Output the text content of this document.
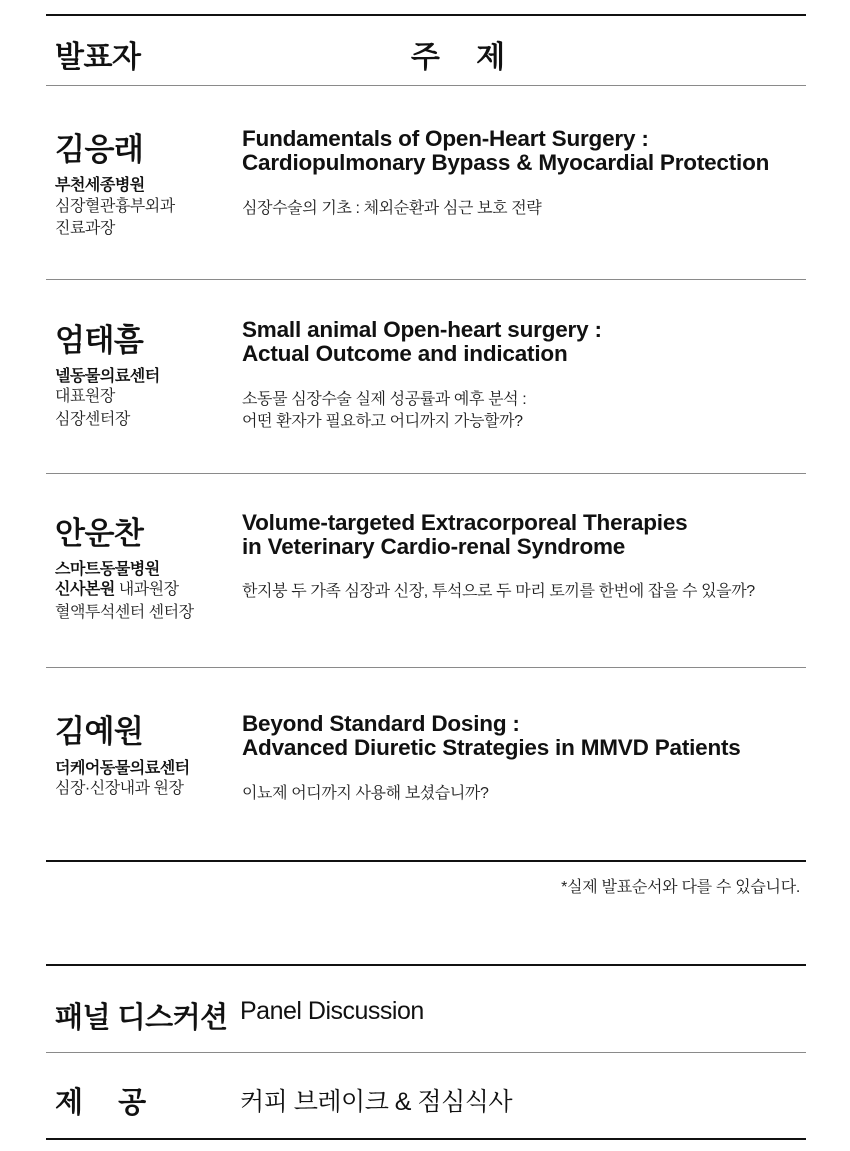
발표자	주 제
김응래
부천세종병원
심장혈관흉부외과
진료과장
Fundamentals of Open-Heart Surgery :
Cardiopulmonary Bypass & Myocardial Protection
심장수술의 기초 : 체외순환과 심근 보호 전략
엄태흠
넬동물의료센터
대표원장
심장센터장
Small animal Open-heart surgery :
Actual Outcome and indication
소동물 심장수술 실제 성공률과 예후 분석 :
어떤 환자가 필요하고 어디까지 가능할까?
안운찬
스마트동물병원
신사본원 내과원장
혈액투석센터 센터장
Volume-targeted Extracorporeal Therapies
in Veterinary Cardio-renal Syndrome
한지붕 두 가족 심장과 신장, 투석으로 두 마리 토끼를 한번에 잡을 수 있을까?
김예원
더케어동물의료센터
심장·신장내과 원장
Beyond Standard Dosing :
Advanced Diuretic Strategies in MMVD Patients
이뇨제 어디까지 사용해 보셨습니까?
*실제 발표순서와 다를 수 있습니다.
패널 디스커션 Panel Discussion
제 공	커피 브레이크 & 점심식사
